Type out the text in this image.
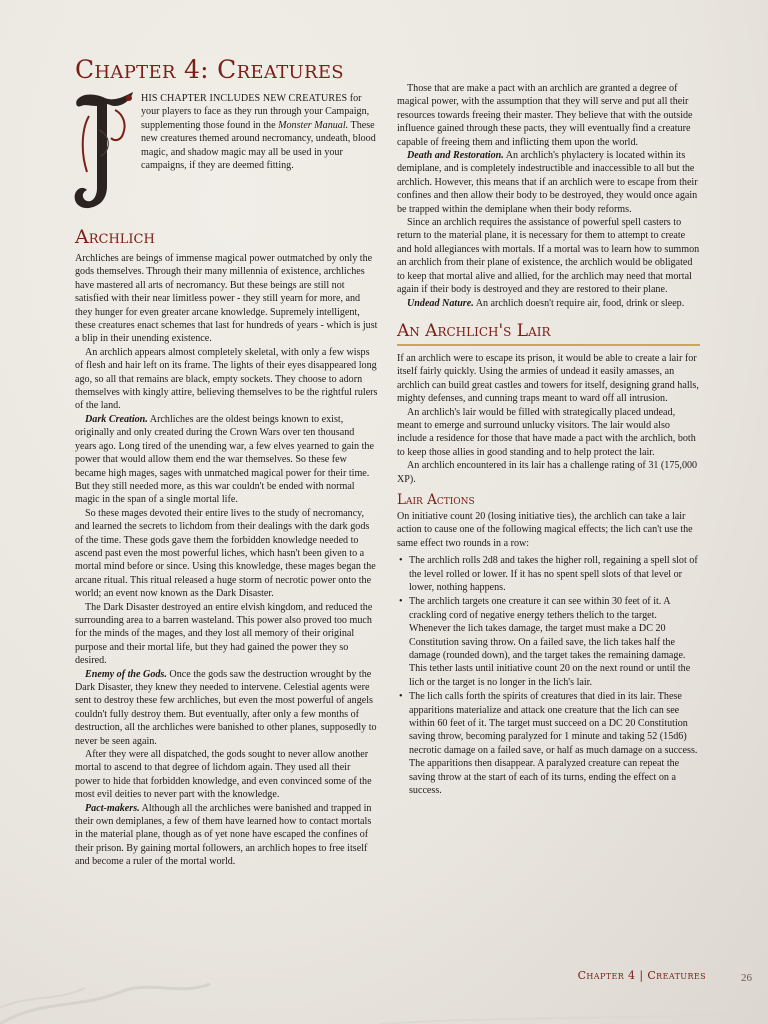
Chapter 4: Creatures

HIS CHAPTER INCLUDES NEW CREATURES for your players to face as they run through your Campaign, supplementing those found in the Monster Manual. These new creatures themed around necromancy, undeath, blood magic, and shadow magic may all be used in your campaigns, if they are deemed fitting.

Archlich

Archliches are beings of immense magical power outmatched by only the gods themselves. Through their many millennia of existence, archliches have mastered all arts of necromancy. But these beings are still not satisfied with their near limitless power - they still yearn for more, and they hunger for even greater arcane knowledge. Supremely intelligent, these creatures enact schemes that last for hundreds of years - which is just a blip in their unending existence.

An archlich appears almost completely skeletal, with only a few wisps of flesh and hair left on its frame. The lights of their eyes disappeared long ago, so all that remains are black, empty sockets. They choose to adorn themselves with kingly attire, believing themselves to be the rightful rulers of the land.

Dark Creation. Archliches are the oldest beings known to exist, originally and only created during the Crown Wars over ten thousand years ago. Long tired of the unending war, a few elves yearned to gain the power that would allow them end the war themselves. So these few became high mages, sages with unmatched magical power for their time. But they still needed more, as this war couldn't be ended with normal magic in the span of a single mortal life.

So these mages devoted their entire lives to the study of necromancy, and learned the secrets to lichdom from their dealings with the dark gods of the time. These gods gave them the forbidden knowledge needed to ascend past even the most powerful liches, which hasn't been given to a mortal mind before or since. Using this knowledge, these mages began the arcane ritual. This ritual released a huge storm of necrotic power onto the world; an event now known as the Dark Disaster.

The Dark Disaster destroyed an entire elvish kingdom, and reduced the surrounding area to a barren wasteland. This power also proved too much for the minds of the mages, and they lost all memory of their original purpose and their mortal life, but they had gained the power they so desired.

Enemy of the Gods. Once the gods saw the destruction wrought by the Dark Disaster, they knew they needed to intervene. Celestial agents were sent to destroy these few archliches, but even the most powerful of angels couldn't fully destroy them. But eventually, after only a few months of destruction, all the archliches were banished to other planes, supposedly to never be seen again.

After they were all dispatched, the gods sought to never allow another mortal to ascend to that degree of lichdom again. They used all their power to hide that forbidden knowledge, and even convinced some of the most evil deities to never part with the knowledge.

Pact-makers. Although all the archliches were banished and trapped in their own demiplanes, a few of them have learned how to contact mortals in the material plane, though as of yet none have escaped the confines of their prison. By gaining mortal followers, an archlich hopes to free itself and become a ruler of the mortal world.

Those that are make a pact with an archlich are granted a degree of magical power, with the assumption that they will serve and put all their resources towards freeing their master. They believe that with the outside influence gained through these pacts, they will eventually find a creature capable of freeing them and inflicting them upon the world.

Death and Restoration. An archlich's phylactery is located within its demiplane, and is completely indestructible and inaccessible to all but the archlich. However, this means that if an archlich were to escape from their confines and then allow their body to be destroyed, they would once again be trapped within the demiplane when their body reforms.

Since an archlich requires the assistance of powerful spell casters to return to the material plane, it is necessary for them to attempt to create and hold allegiances with mortals. If a mortal was to learn how to summon an archlich from their plane of existence, the archlich would be obligated to keep that mortal alive and allied, for the archlich may need that mortal again if their body is destroyed and they are restored to their plane.

Undead Nature. An archlich doesn't require air, food, drink or sleep.

An Archlich's Lair

If an archlich were to escape its prison, it would be able to create a lair for itself fairly quickly. Using the armies of undead it easily amasses, an archlich can build great castles and towers for itself, designing grand halls, mighty defenses, and cunning traps meant to ward off all intrusion.

An archlich's lair would be filled with strategically placed undead, meant to emerge and surround unlucky visitors. The lair would also include a residence for those that have made a pact with the archlich, both to keep those allies in good standing and to help protect the lair.

An archlich encountered in its lair has a challenge rating of 31 (175,000 XP).

Lair Actions

On initiative count 20 (losing initiative ties), the archlich can take a lair action to cause one of the following magical effects; the lich can't use the same effect two rounds in a row:

• The archlich rolls 2d8 and takes the higher roll, regaining a spell slot of the level rolled or lower. If it has no spent spell slots of that level or lower, nothing happens.
• The archlich targets one creature it can see within 30 feet of it. A crackling cord of negative energy tethers thelich to the target. Whenever the lich takes damage, the target must make a DC 20 Constitution saving throw. On a failed save, the lich takes half the damage (rounded down), and the target takes the remaining damage. This tether lasts until initiative count 20 on the next round or until the lich or the target is no longer in the lich's lair.
• The lich calls forth the spirits of creatures that died in its lair. These apparitions materialize and attack one creature that the lich can see within 60 feet of it. The target must succeed on a DC 20 Constitution saving throw, becoming paralyzed for 1 minute and taking 52 (15d6) necrotic damage on a failed save, or half as much damage on a success. The apparitions then disappear. A paralyzed creature can repeat the saving throw at the start of each of its turns, ending the effect on a success.
Chapter 4 | Creatures	26
